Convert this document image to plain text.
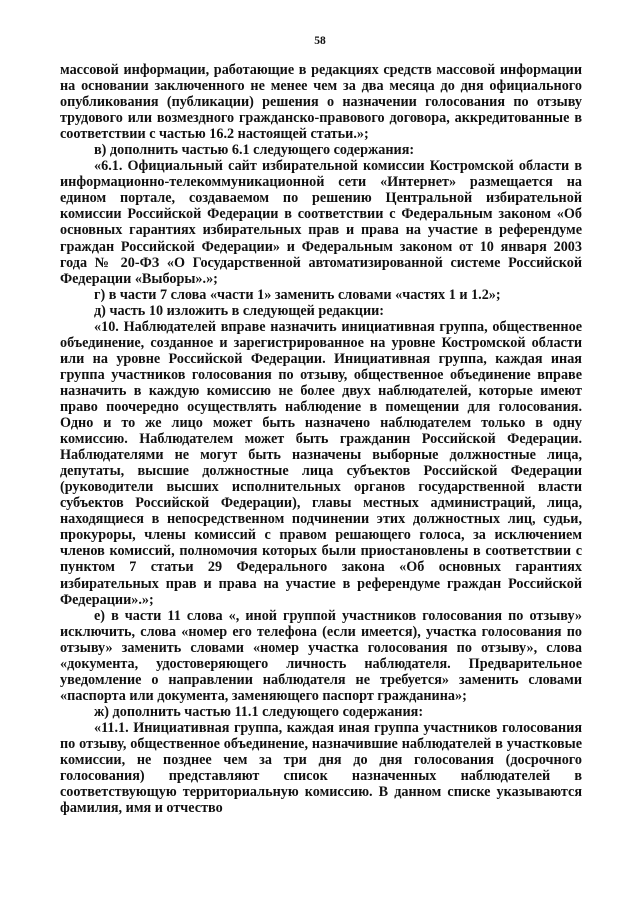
58

массовой информации, работающие в редакциях средств массовой информации на основании заключенного не менее чем за два месяца до дня официального опубликования (публикации) решения о назначении голосования по отзыву трудового или возмездного гражданско-правового договора, аккредитованные в соответствии с частью 16.2 настоящей статьи.»;

в) дополнить частью 6.1 следующего содержания:

«6.1. Официальный сайт избирательной комиссии Костромской области в информационно-телекоммуникационной сети «Интернет» размещается на едином портале, создаваемом по решению Центральной избирательной комиссии Российской Федерации в соответствии с Федеральным законом «Об основных гарантиях избирательных прав и права на участие в референдуме граждан Российской Федерации» и Федеральным законом от 10 января 2003 года № 20-ФЗ «О Государственной автоматизированной системе Российской Федерации «Выборы».»;

г) в части 7 слова «части 1» заменить словами «частях 1 и 1.2»;

д) часть 10 изложить в следующей редакции:

«10. Наблюдателей вправе назначить инициативная группа, общественное объединение, созданное и зарегистрированное на уровне Костромской области или на уровне Российской Федерации. Инициативная группа, каждая иная группа участников голосования по отзыву, общественное объединение вправе назначить в каждую комиссию не более двух наблюдателей, которые имеют право поочередно осуществлять наблюдение в помещении для голосования. Одно и то же лицо может быть назначено наблюдателем только в одну комиссию. Наблюдателем может быть гражданин Российской Федерации. Наблюдателями не могут быть назначены выборные должностные лица, депутаты, высшие должностные лица субъектов Российской Федерации (руководители высших исполнительных органов государственной власти субъектов Российской Федерации), главы местных администраций, лица, находящиеся в непосредственном подчинении этих должностных лиц, судьи, прокуроры, члены комиссий с правом решающего голоса, за исключением членов комиссий, полномочия которых были приостановлены в соответствии с пунктом 7 статьи 29 Федерального закона «Об основных гарантиях избирательных прав и права на участие в референдуме граждан Российской Федерации».»;

е) в части 11 слова «, иной группой участников голосования по отзыву» исключить, слова «номер его телефона (если имеется), участка голосования по отзыву» заменить словами «номер участка голосования по отзыву», слова «документа, удостоверяющего личность наблюдателя. Предварительное уведомление о направлении наблюдателя не требуется» заменить словами «паспорта или документа, заменяющего паспорт гражданина»;

ж) дополнить частью 11.1 следующего содержания:

«11.1. Инициативная группа, каждая иная группа участников голосования по отзыву, общественное объединение, назначившие наблюдателей в участковые комиссии, не позднее чем за три дня до дня голосования (досрочного голосования) представляют список назначенных наблюдателей в соответствующую территориальную комиссию. В данном списке указываются фамилия, имя и отчество
